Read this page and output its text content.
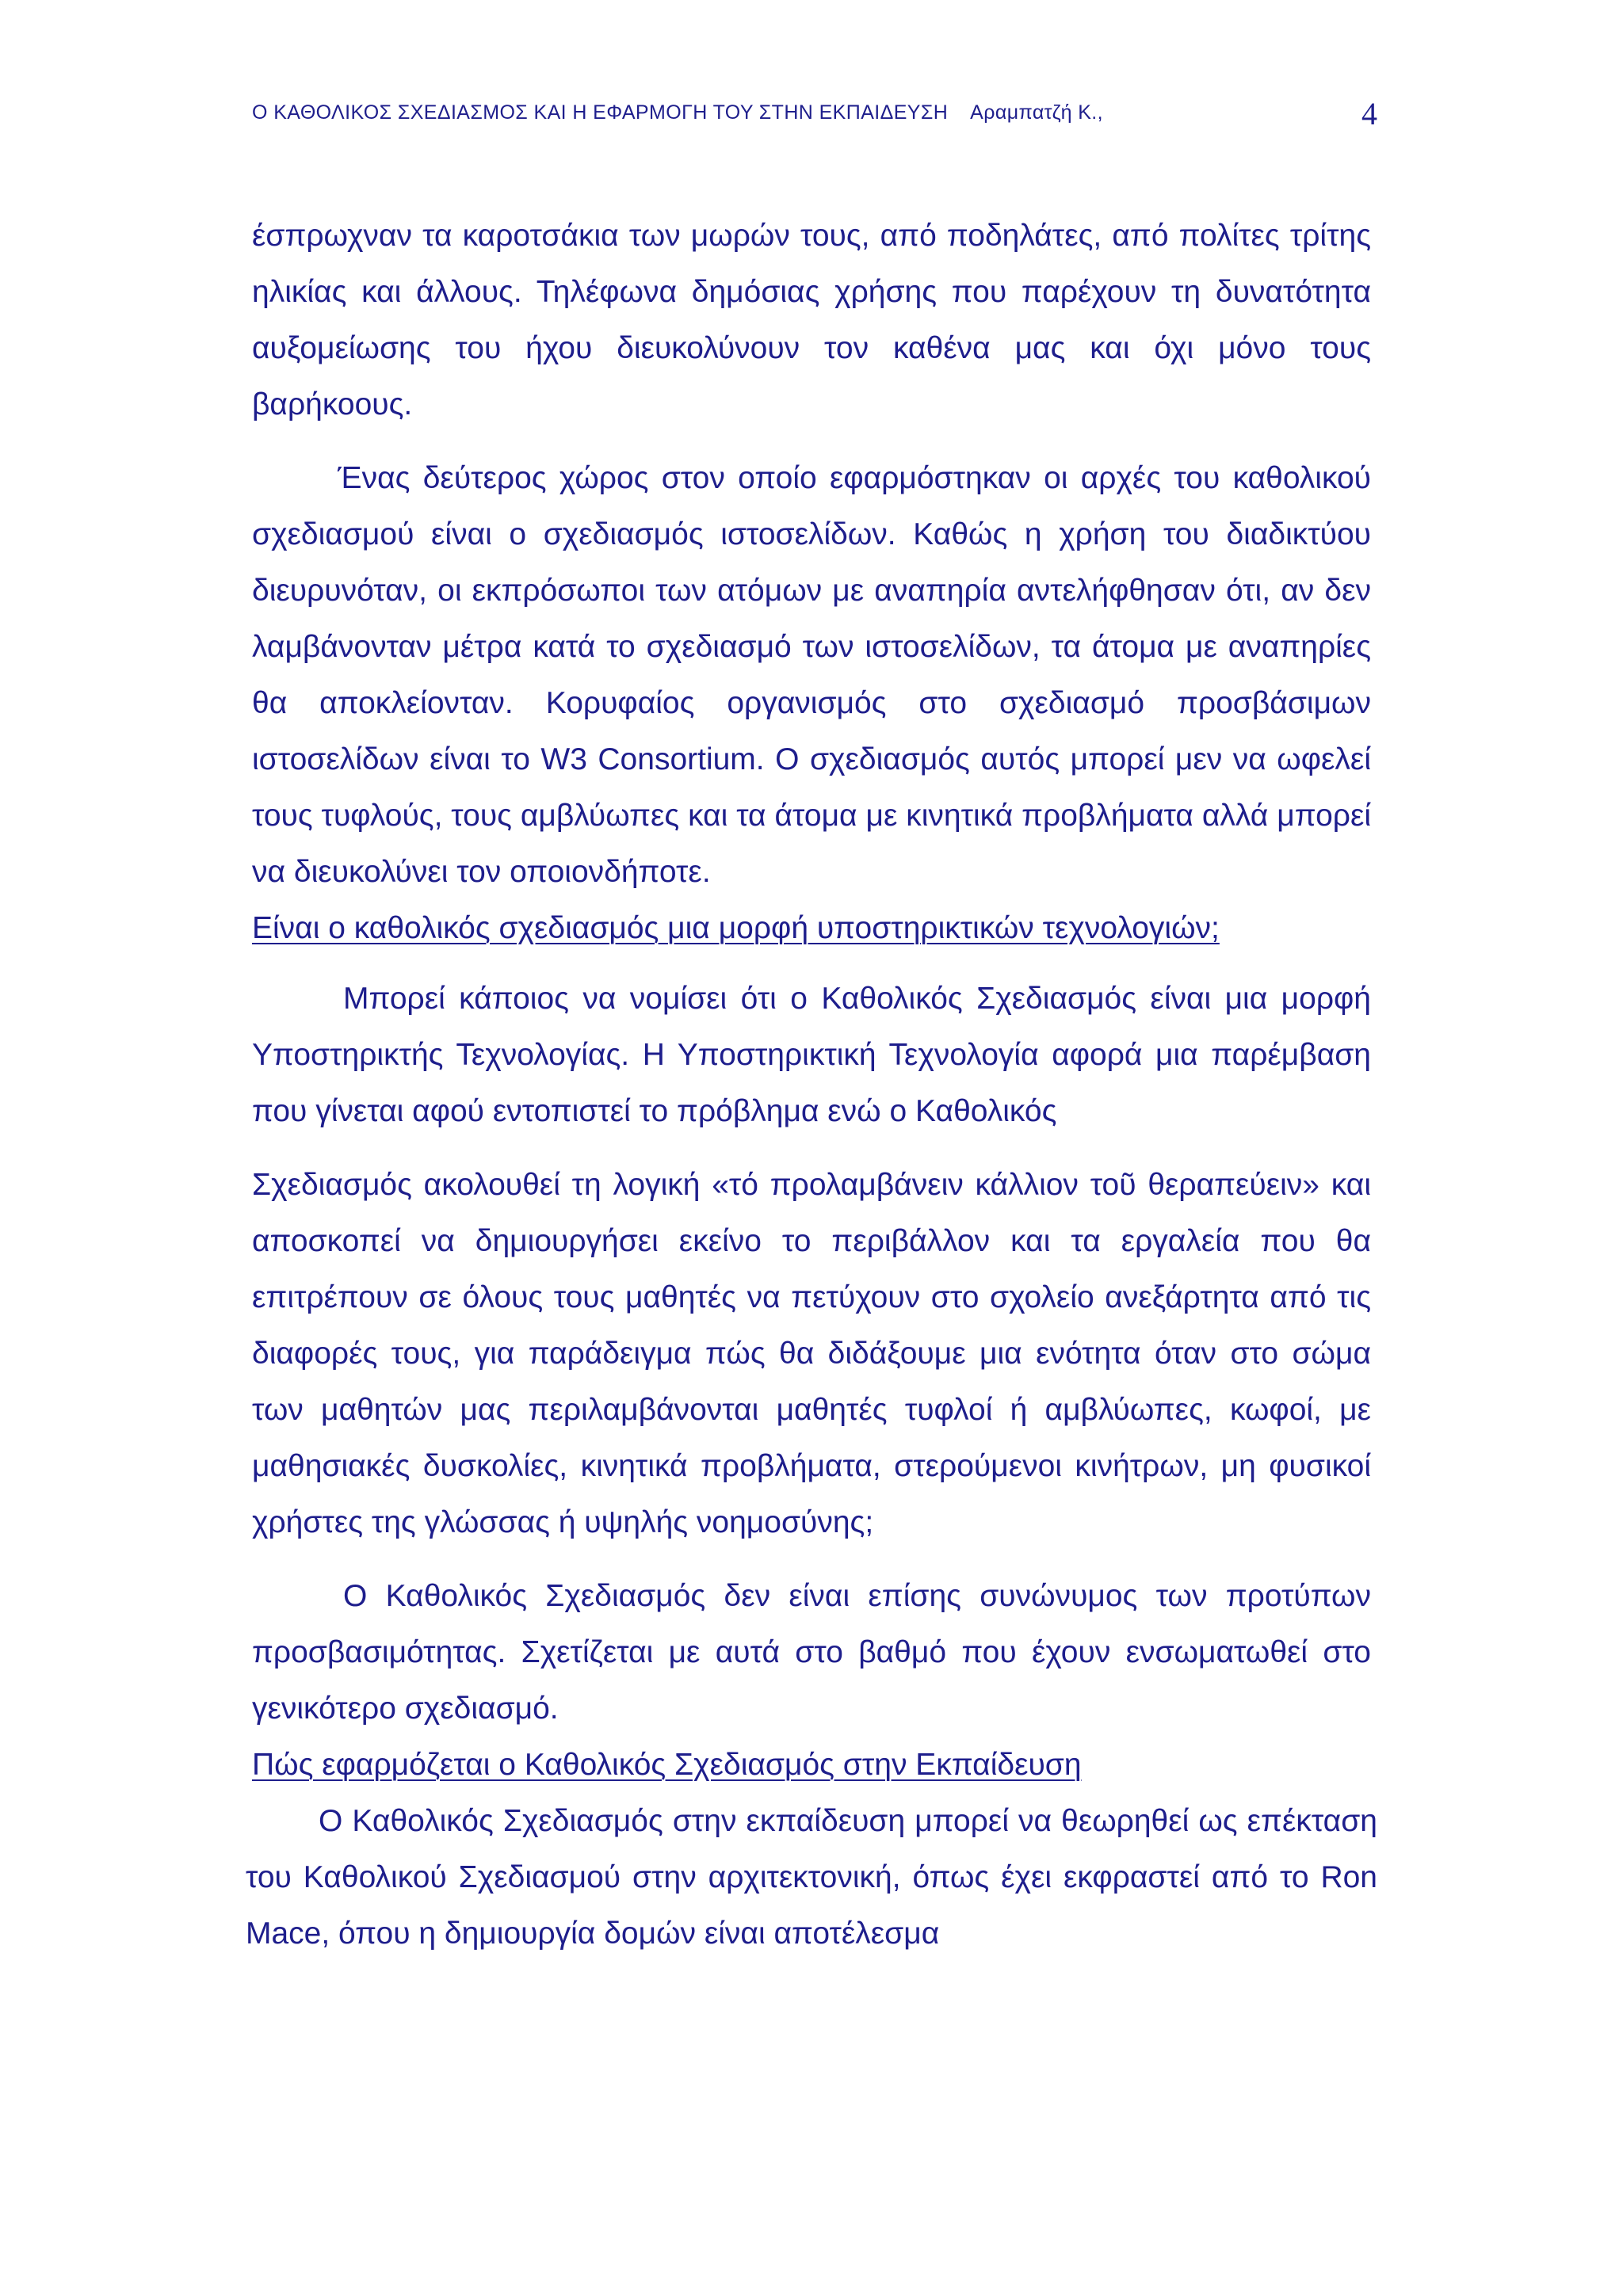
Ο ΚΑΘΟΛΙΚΟΣ ΣΧΕΔΙΑΣΜΟΣ ΚΑΙ Η ΕΦΑΡΜΟΓΗ ΤΟΥ ΣΤΗΝ ΕΚΠΑΙΔΕΥΣΗ Αραμπατζή Κ.,	4

έσπρωχναν τα καροτσάκια των μωρών τους, από ποδηλάτες, από πολίτες τρίτης ηλικίας και άλλους. Τηλέφωνα δημόσιας χρήσης που παρέχουν τη δυνατότητα αυξομείωσης του ήχου διευκολύνουν τον καθένα μας και όχι μόνο τους βαρήκοους.

Ένας δεύτερος χώρος στον οποίο εφαρμόστηκαν οι αρχές του καθολικού σχεδιασμού είναι ο σχεδιασμός ιστοσελίδων. Καθώς η χρήση του διαδικτύου διευρυνόταν, οι εκπρόσωποι των ατόμων με αναπηρία αντελήφθησαν ότι, αν δεν λαμβάνονταν μέτρα κατά το σχεδιασμό των ιστοσελίδων, τα άτομα με αναπηρίες θα αποκλείονταν. Κορυφαίος οργανισμός στο σχεδιασμό προσβάσιμων ιστοσελίδων είναι το W3 Consortium. Ο σχεδιασμός αυτός μπορεί μεν να ωφελεί τους τυφλούς, τους αμβλύωπες και τα άτομα με κινητικά προβλήματα αλλά μπορεί να διευκολύνει τον οποιονδήποτε.

Είναι ο καθολικός σχεδιασμός μια μορφή υποστηρικτικών τεχνολογιών;

Μπορεί κάποιος να νομίσει ότι ο Καθολικός Σχεδιασμός είναι μια μορφή Υποστηρικτής Τεχνολογίας. Η Υποστηρικτική Τεχνολογία αφορά μια παρέμβαση που γίνεται αφού εντοπιστεί το πρόβλημα ενώ ο Καθολικός

Σχεδιασμός ακολουθεί τη λογική «τό προλαμβάνειν κάλλιον τοῦ θεραπεύειν» και αποσκοπεί να δημιουργήσει εκείνο το περιβάλλον και τα εργαλεία που θα επιτρέπουν σε όλους τους μαθητές να πετύχουν στο σχολείο ανεξάρτητα από τις διαφορές τους, για παράδειγμα πώς θα διδάξουμε μια ενότητα όταν στο σώμα των μαθητών μας περιλαμβάνονται μαθητές τυφλοί ή αμβλύωπες, κωφοί, με μαθησιακές δυσκολίες, κινητικά προβλήματα, στερούμενοι κινήτρων, μη φυσικοί χρήστες της γλώσσας ή υψηλής νοημοσύνης;

Ο Καθολικός Σχεδιασμός δεν είναι επίσης συνώνυμος των προτύπων προσβασιμότητας. Σχετίζεται με αυτά στο βαθμό που έχουν ενσωματωθεί στο γενικότερο σχεδιασμό.

Πώς εφαρμόζεται ο Καθολικός Σχεδιασμός στην Εκπαίδευση

Ο Καθολικός Σχεδιασμός στην εκπαίδευση μπορεί να θεωρηθεί ως επέκταση του Καθολικού Σχεδιασμού στην αρχιτεκτονική, όπως έχει εκφραστεί από το Ron Mace, όπου η δημιουργία δομών είναι αποτέλεσμα
